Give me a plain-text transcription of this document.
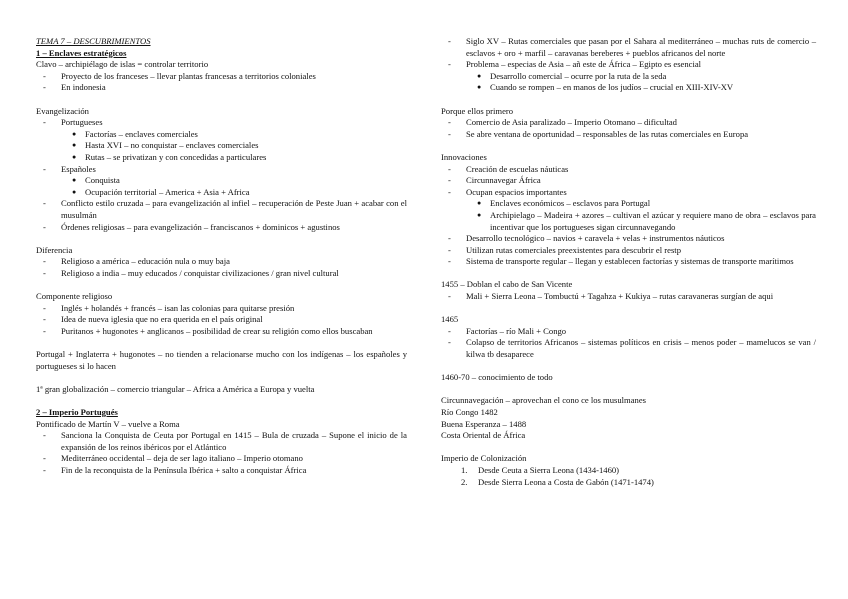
TEMA 7 – DESCUBRIMIENTOS
1 – Enclaves estratégicos
Clavo – archipiélago de islas = controlar territorio
- Proyecto de los franceses – llevar plantas francesas a territorios coloniales
- En indonesia
Evangelización
- Portugueses
● Factorías – enclaves comerciales
● Hasta XVI – no conquistar – enclaves comerciales
● Rutas – se privatizan y con concedidas a particulares
- Españoles
● Conquista
● Ocupación territorial – America + Asia + Africa
- Conflicto estilo cruzada – para evangelización al infiel – recuperación de Peste Juan + acabar con el musulmán
- Órdenes religiosas – para evangelización – franciscanos + dominicos + agustinos
Diferencia
- Religioso a américa – educación nula o muy baja
- Religioso a india – muy educados / conquistar civilizaciones / gran nivel cultural
Componente religioso
- Inglés + holandés + francés – isan las colonias para quitarse presión
- Idea de nueva iglesia que no era querida en el país original
- Puritanos + hugonotes + anglicanos – posibilidad de crear su religión como ellos buscaban
Portugal + Inglaterra + hugonotes – no tienden a relacionarse mucho con los indígenas – los españoles y portugueses si lo hacen
1ª gran globalización – comercio triangular – Africa a América a Europa y vuelta
2 – Imperio Portugués
Pontificado de Martín V – vuelve a Roma
- Sanciona la Conquista de Ceuta por Portugal en 1415 – Bula de cruzada – Supone el inicio de la expansión de los reinos ibéricos por el Atlántico
- Mediterráneo occidental – deja de ser lago italiano – Imperio otomano
- Fin de la reconquista de la Península Ibérica + salto a conquistar África
- Siglo XV – Rutas comerciales que pasan por el Sahara al mediterráneo – muchas ruts de comercio – esclavos + oro + marfil – caravanas bereberes + pueblos africanos del norte
- Problema – especias de Asia – añ este de África – Egipto es esencial
● Desarrollo comercial – ocurre por la ruta de la seda
● Cuando se rompen – en manos de los judíos – crucial en XIII-XIV-XV
Porque ellos primero
- Comercio de Asia paralizado – Imperio Otomano – dificultad
- Se abre ventana de oportunidad – responsables de las rutas comerciales en Europa
Innovaciones
- Creación de escuelas náuticas
- Circunnavegar África
- Ocupan espacios importantes
● Enclaves económicos – esclavos para Portugal
● Archipielago – Madeira + azores – cultivan el azúcar y requiere mano de obra – esclavos para incentivar que los portugueses sigan circunnavegando
- Desarrollo tecnológico – navios + caravela + velas + instrumentos náuticos
- Utilizan rutas comerciales preexistentes para descubrir el restp
- Sistema de transporte regular – llegan y establecen factorías y sistemas de transporte marítimos
1455 – Doblan el cabo de San Vicente
- Mali + Sierra Leona – Tombuctú + Tagahza + Kukiya – rutas caravaneras surgían de aqui
1465
- Factorías – río Mali + Congo
- Colapso de territorios Africanos – sistemas políticos en crisis – menos poder – mamelucos se van / kilwa tb desaparece
1460-70 – conocimiento de todo
Circunnavegación – aprovechan el cono ce los musulmanes
Río Congo 1482
Buena Esperanza – 1488
Costa Oriental de África
Imperio de Colonización
1. Desde Ceuta a Sierra Leona (1434-1460)
2. Desde Sierra Leona a Costa de Gabón (1471-1474)
